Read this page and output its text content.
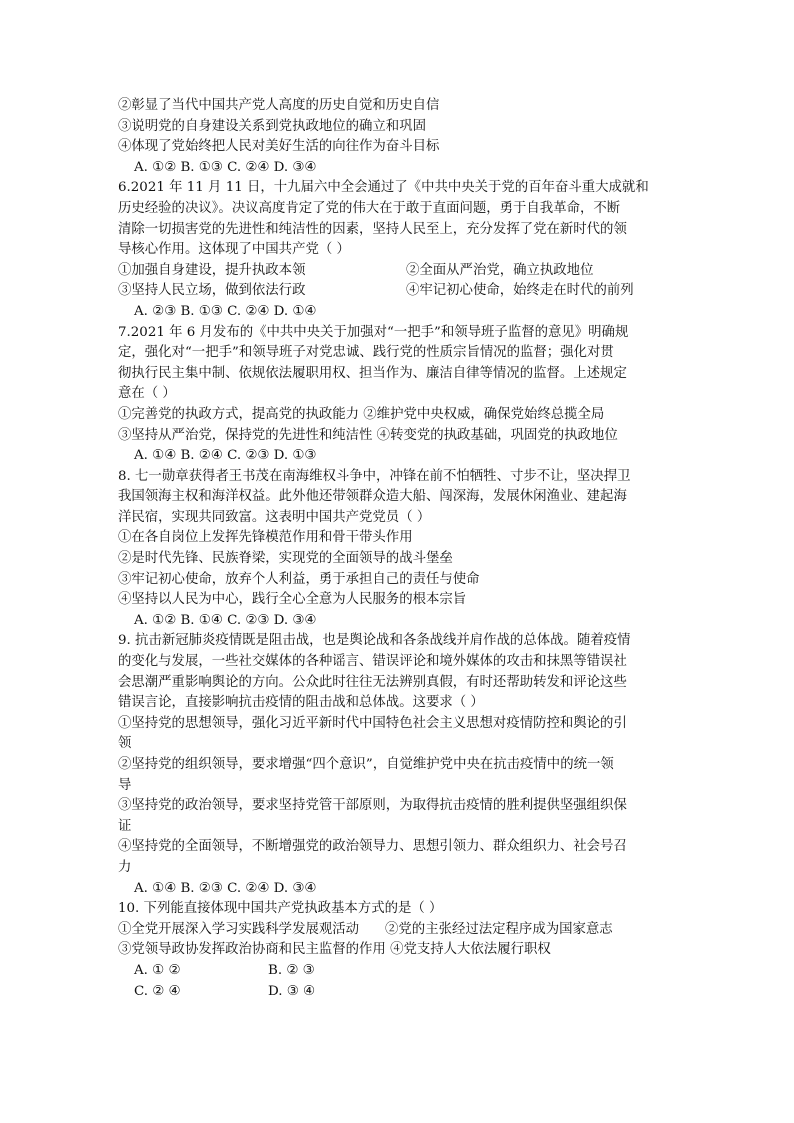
②彰显了当代中国共产党人高度的历史自觉和历史自信
③说明党的自身建设关系到党执政地位的确立和巩固
④体现了党始终把人民对美好生活的向往作为奋斗目标
A. ①② B. ①③ C. ②④ D. ③④
6.2021 年 11 月 11 日，十九届六中全会通过了《中共中央关于党的百年奋斗重大成就和
历史经验的决议》。决议高度肯定了党的伟大在于敢于直面问题，勇于自我革命，不断
清除一切损害党的先进性和纯洁性的因素，坚持人民至上，充分发挥了党在新时代的领
导核心作用。这体现了中国共产党（ ）
①加强自身建设，提升执政本领	②全面从严治党，确立执政地位
③坚持人民立场，做到依法行政	④牢记初心使命，始终走在时代的前列
A. ②③ B. ①③ C. ②④ D. ①④
7.2021 年 6 月发布的《中共中央关于加强对“一把手”和领导班子监督的意见》明确规
定，强化对“一把手”和领导班子对党忠诚、践行党的性质宗旨情况的监督；强化对贯
彻执行民主集中制、依规依法履职用权、担当作为、廉洁自律等情况的监督。上述规定
意在（ ）
①完善党的执政方式，提高党的执政能力 ②维护党中央权威，确保党始终总揽全局
③坚持从严治党，保持党的先进性和纯洁性 ④转变党的执政基础，巩固党的执政地位
A. ①④ B. ②④ C. ②③ D. ①③
8. 七一勋章获得者王书茂在南海维权斗争中，冲锋在前不怕牺牲、寸步不让，坚决捍卫
我国领海主权和海洋权益。此外他还带领群众造大船、闯深海，发展休闲渔业、建起海
洋民宿，实现共同致富。这表明中国共产党党员（ ）
①在各自岗位上发挥先锋模范作用和骨干带头作用
②是时代先锋、民族脊梁，实现党的全面领导的战斗堡垒
③牢记初心使命，放弃个人利益，勇于承担自己的责任与使命
④坚持以人民为中心，践行全心全意为人民服务的根本宗旨
A. ①② B. ①④ C. ②③ D. ③④
9. 抗击新冠肺炎疫情既是阻击战，也是舆论战和各条战线并肩作战的总体战。随着疫情
的变化与发展，一些社交媒体的各种谣言、错误评论和境外媒体的攻击和抹黑等错误社
会思潮严重影响舆论的方向。公众此时往往无法辨别真假，有时还帮助转发和评论这些
错误言论，直接影响抗击疫情的阻击战和总体战。这要求（ ）
①坚持党的思想领导，强化习近平新时代中国特色社会主义思想对疫情防控和舆论的引
领
②坚持党的组织领导，要求增强“四个意识”，自觉维护党中央在抗击疫情中的统一领
导
③坚持党的政治领导，要求坚持党管干部原则，为取得抗击疫情的胜利提供坚强组织保
证
④坚持党的全面领导，不断增强党的政治领导力、思想引领力、群众组织力、社会号召
力
A. ①④ B. ②③ C. ②④ D. ③④
10. 下列能直接体现中国共产党执政基本方式的是（ ）
①全党开展深入学习实践科学发展观活动 ②党的主张经过法定程序成为国家意志
③党领导政协发挥政治协商和民主监督的作用 ④党支持人大依法履行职权
A. ① ②	B. ② ③
C. ② ④	D. ③ ④
